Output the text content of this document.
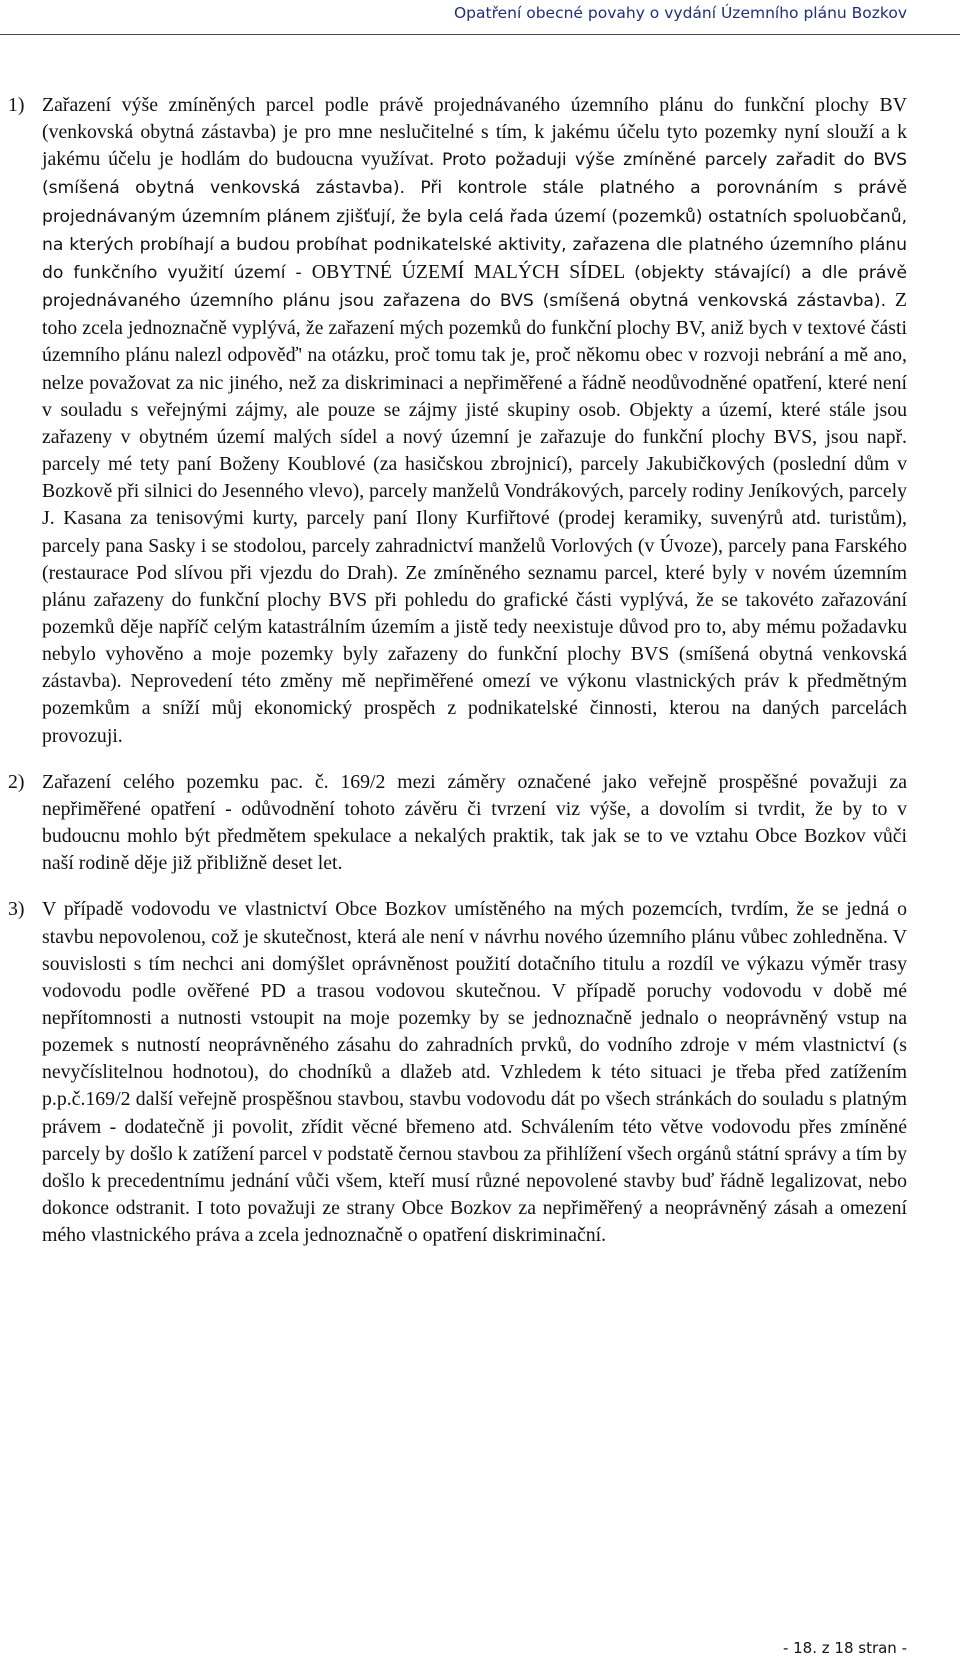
Opatření obecné povahy o vydání Územního plánu Bozkov

1) Zařazení výše zmíněných parcel podle právě projednávaného územního plánu do funkční plochy BV (venkovská obytná zástavba) je pro mne neslučitelné s tím, k jakému účelu tyto pozemky nyní slouží a k jakému účelu je hodlám do budoucna využívat. Proto požaduji výše zmíněné parcely zařadit do BVS (smíšená obytná venkovská zástavba). Při kontrole stále platného a porovnáním s právě projednávaným územním plánem zjišťují, že byla celá řada území (pozemků) ostatních spoluobčanů, na kterých probíhají a budou probíhat podnikatelské aktivity, zařazena dle platného územního plánu do funkčního využití území - OBYTNÉ ÚZEMÍ MALÝCH SÍDEL (objekty stávající) a dle právě projednávaného územního plánu jsou zařazena do BVS (smíšená obytná venkovská zástavba). Z toho zcela jednoznačně vyplývá, že zařazení mých pozemků do funkční plochy BV, aniž bych v textové části územního plánu nalezl odpověď' na otázku, proč tomu tak je, proč někomu obec v rozvoji nebrání a mě ano, nelze považovat za nic jiného, než za diskriminaci a nepřiměřené a řádně neodůvodněné opatření, které není v souladu s veřejnými zájmy, ale pouze se zájmy jisté skupiny osob. Objekty a území, které stále jsou zařazeny v obytném území malých sídel a nový územní je zařazuje do funkční plochy BVS, jsou např. parcely mé tety paní Boženy Koublové (za hasičskou zbrojnicí), parcely Jakubičkových (poslední dům v Bozkově při silnici do Jesenného vlevo), parcely manželů Vondrákových, parcely rodiny Jeníkových, parcely J. Kasana za tenisovými kurty, parcely paní Ilony Kurfiřtové (prodej keramiky, suvenýrů atd. turistům), parcely pana Sasky i se stodolou, parcely zahradnictví manželů Vorlových (v Úvoze), parcely pana Farského (restaurace Pod slívou při vjezdu do Drah). Ze zmíněného seznamu parcel, které byly v novém územním plánu zařazeny do funkční plochy BVS při pohledu do grafické části vyplývá, že se takovéto zařazování pozemků děje napříč celým katastrálním územím a jistě tedy neexistuje důvod pro to, aby mému požadavku nebylo vyhověno a moje pozemky byly zařazeny do funkční plochy BVS (smíšená obytná venkovská zástavba). Neprovedení této změny mě nepřiměřené omezí ve výkonu vlastnických práv k předmětným pozemkům a sníží můj ekonomický prospěch z podnikatelské činnosti, kterou na daných parcelách provozuji.

2) Zařazení celého pozemku pac. č. 169/2 mezi záměry označené jako veřejně prospěšné považuji za nepřiměřené opatření - odůvodnění tohoto závěru či tvrzení viz výše, a dovolím si tvrdit, že by to v budoucnu mohlo být předmětem spekulace a nekalých praktik, tak jak se to ve vztahu Obce Bozkov vůči naší rodině děje již přibližně deset let.

3) V případě vodovodu ve vlastnictví Obce Bozkov umístěného na mých pozemcích, tvrdím, že se jedná o stavbu nepovolenou, což je skutečnost, která ale není v návrhu nového územního plánu vůbec zohledněna. V souvislosti s tím nechci ani domýšlet oprávněnost použití dotačního titulu a rozdíl ve výkazu výměr trasy vodovodu podle ověřené PD a trasou vodovou skutečnou. V případě poruchy vodovodu v době mé nepřítomnosti a nutnosti vstoupit na moje pozemky by se jednoznačně jednalo o neoprávněný vstup na pozemek s nutností neoprávněného zásahu do zahradních prvků, do vodního zdroje v mém vlastnictví (s nevyčíslitelnou hodnotou), do chodníků a dlažeb atd. Vzhledem k této situaci je třeba před zatížením p.p.č.169/2 další veřejně prospěšnou stavbou, stavbu vodovodu dát po všech stránkách do souladu s platným právem - dodatečně ji povolit, zřídit věcné břemeno atd. Schválením této větve vodovodu přes zmíněné parcely by došlo k zatížení parcel v podstatě černou stavbou za přihlížení všech orgánů státní správy a tím by došlo k precedentnímu jednání vůči všem, kteří musí různé nepovolené stavby buď řádně legalizovat, nebo dokonce odstranit. I toto považuji ze strany Obce Bozkov za nepřiměřený a neoprávněný zásah a omezení mého vlastnického práva a zcela jednoznačně o opatření diskriminační.

- 18. z 18 stran -
